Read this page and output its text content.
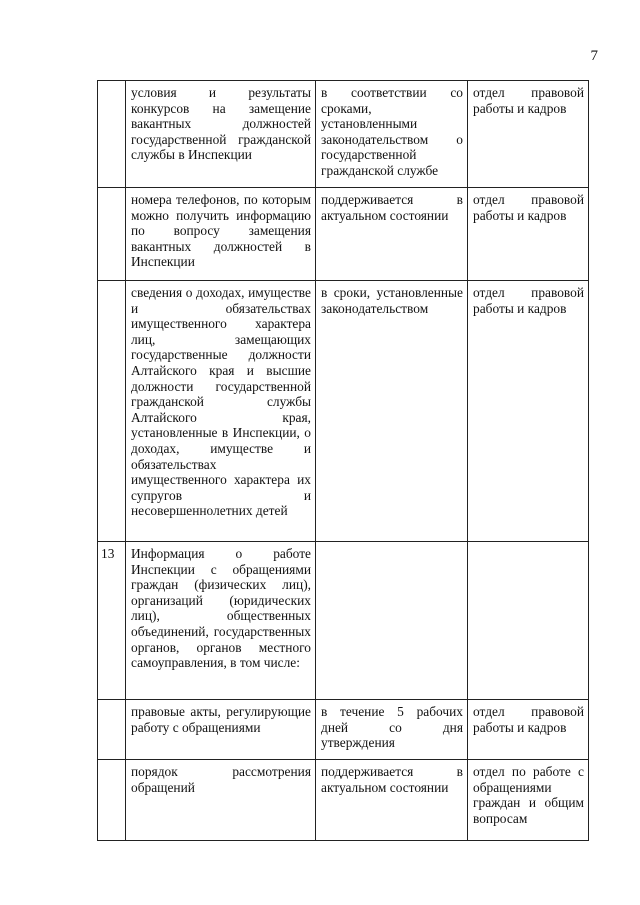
7
	условия и результаты конкурсов на замещение вакантных должностей государственной гражданской службы в Инспекции	в соответствии со сроками, установленными законодательством о государственной гражданской службе	отдел правовой работы и кадров
	номера телефонов, по которым можно получить информацию по вопросу замещения вакантных должностей в Инспекции	поддерживается в актуальном состоянии	отдел правовой работы и кадров
	сведения о доходах, имуществе и обязательствах имущественного характера лиц, замещающих государственные должности Алтайского края и высшие должности государственной гражданской службы Алтайского края, установленные в Инспекции, о доходах, имуществе и обязательствах имущественного характера их супругов и несовершеннолетних детей	в сроки, установленные законодательством	отдел правовой работы и кадров
13	Информация о работе Инспекции с обращениями граждан (физических лиц), организаций (юридических лиц), общественных объединений, государственных органов, органов местного самоуправления, в том числе:		
	правовые акты, регулирующие работу с обращениями	в течение 5 рабочих дней со дня утверждения	отдел правовой работы и кадров
	порядок рассмотрения обращений	поддерживается в актуальном состоянии	отдел по работе с обращениями граждан и общим вопросам
